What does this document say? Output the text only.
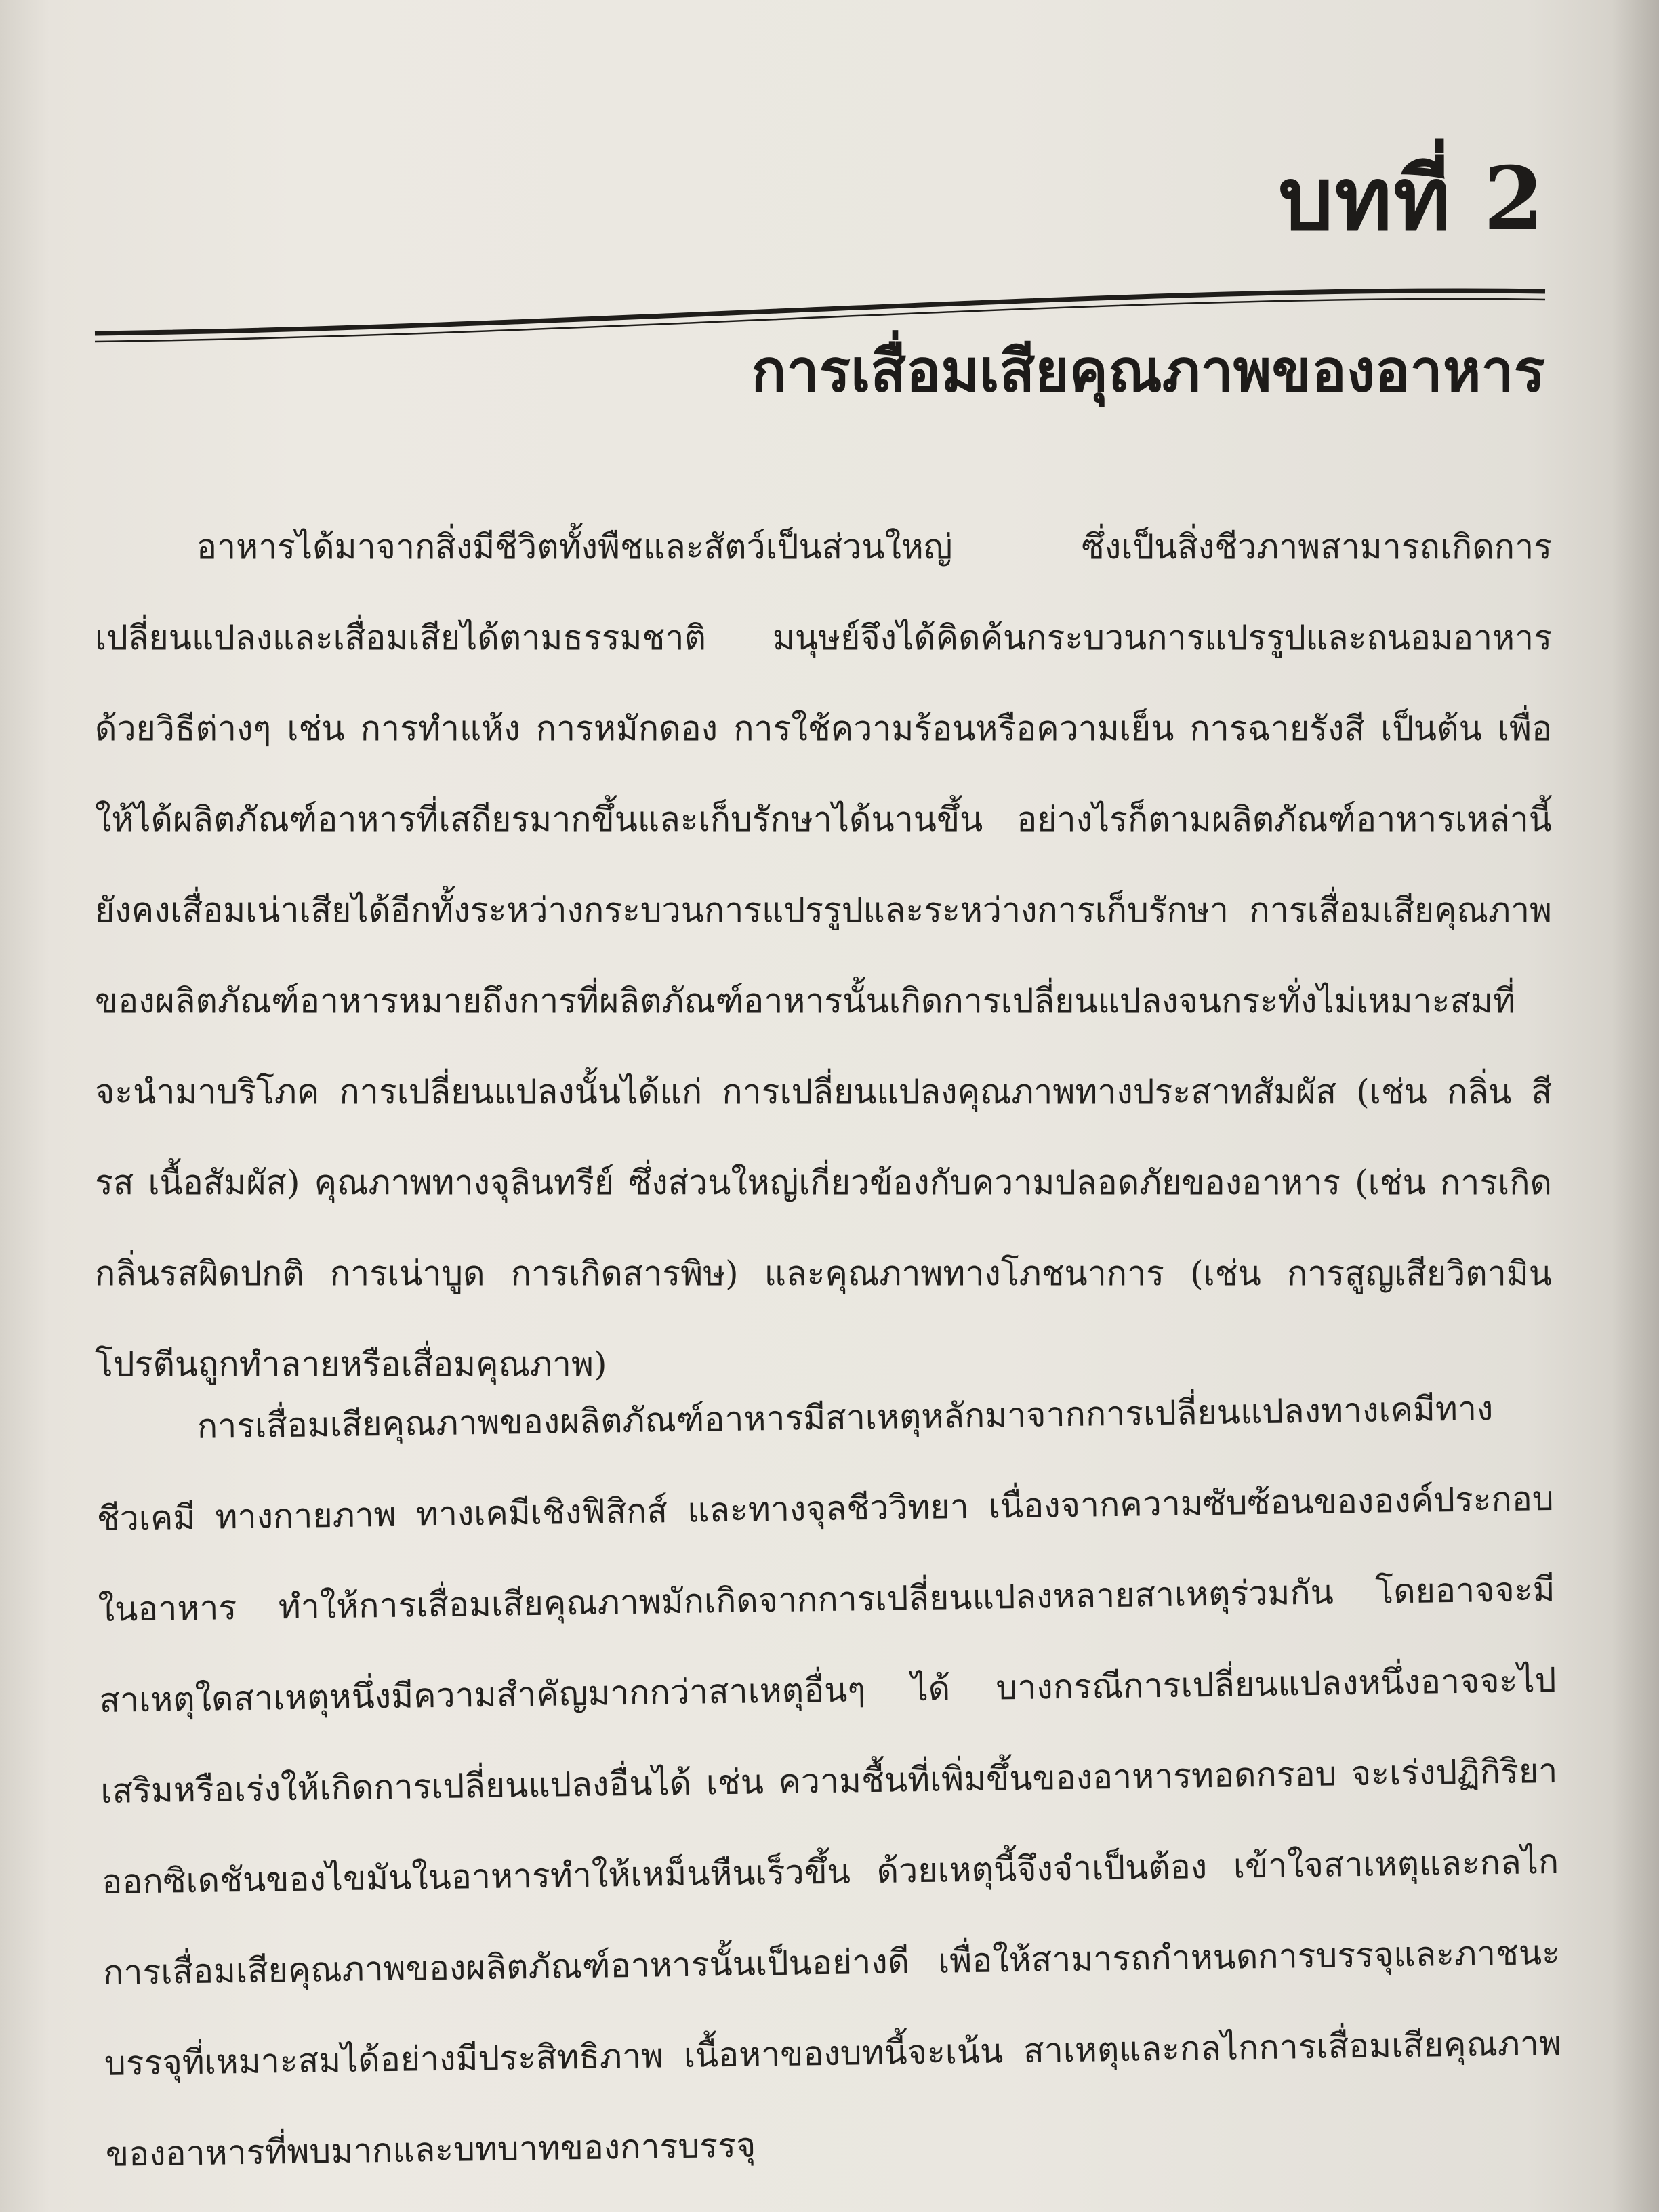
บทที่ 2
การเสื่อมเสียคุณภาพของอาหาร

อาหารได้มาจากสิ่งมีชีวิตทั้งพืชและสัตว์เป็นส่วนใหญ่ ซึ่งเป็นสิ่งชีวภาพสามารถเกิดการเปลี่ยนแปลงและเสื่อมเสียได้ตามธรรมชาติ มนุษย์จึงได้คิดค้นกระบวนการแปรรูปและถนอมอาหารด้วยวิธีต่างๆ เช่น การทำแห้ง การหมักดอง การใช้ความร้อนหรือความเย็น การฉายรังสี เป็นต้น เพื่อให้ได้ผลิตภัณฑ์อาหารที่เสถียรมากขึ้นและเก็บรักษาได้นานขึ้น อย่างไรก็ตามผลิตภัณฑ์อาหารเหล่านี้ยังคงเสื่อมเน่าเสียได้อีกทั้งระหว่างกระบวนการแปรรูปและระหว่างการเก็บรักษา การเสื่อมเสียคุณภาพของผลิตภัณฑ์อาหารหมายถึงการที่ผลิตภัณฑ์อาหารนั้นเกิดการเปลี่ยนแปลงจนกระทั่งไม่เหมาะสมที่จะนำมาบริโภค การเปลี่ยนแปลงนั้นได้แก่ การเปลี่ยนแปลงคุณภาพทางประสาทสัมผัส (เช่น กลิ่น สี รส เนื้อสัมผัส) คุณภาพทางจุลินทรีย์ ซึ่งส่วนใหญ่เกี่ยวข้องกับความปลอดภัยของอาหาร (เช่น การเกิดกลิ่นรสผิดปกติ การเน่าบูด การเกิดสารพิษ) และคุณภาพทางโภชนาการ (เช่น การสูญเสียวิตามิน โปรตีนถูกทำลายหรือเสื่อมคุณภาพ)

การเสื่อมเสียคุณภาพของผลิตภัณฑ์อาหารมีสาเหตุหลักมาจากการเปลี่ยนแปลงทางเคมีทางชีวเคมี ทางกายภาพ ทางเคมีเชิงฟิสิกส์ และทางจุลชีววิทยา เนื่องจากความซับซ้อนขององค์ประกอบในอาหาร ทำให้การเสื่อมเสียคุณภาพมักเกิดจากการเปลี่ยนแปลงหลายสาเหตุร่วมกัน โดยอาจจะมีสาเหตุใดสาเหตุหนึ่งมีความสำคัญมากกว่าสาเหตุอื่นๆ ได้ บางกรณีการเปลี่ยนแปลงหนึ่งอาจจะไปเสริมหรือเร่งให้เกิดการเปลี่ยนแปลงอื่นได้ เช่น ความชื้นที่เพิ่มขึ้นของอาหารทอดกรอบ จะเร่งปฏิกิริยาออกซิเดชันของไขมันในอาหารทำให้เหม็นหืนเร็วขึ้น ด้วยเหตุนี้จึงจำเป็นต้อง เข้าใจสาเหตุและกลไกการเสื่อมเสียคุณภาพของผลิตภัณฑ์อาหารนั้นเป็นอย่างดี เพื่อให้สามารถกำหนดการบรรจุและภาชนะบรรจุที่เหมาะสมได้อย่างมีประสิทธิภาพ เนื้อหาของบทนี้จะเน้น สาเหตุและกลไกการเสื่อมเสียคุณภาพของอาหารที่พบมากและบทบาทของการบรรจุ
